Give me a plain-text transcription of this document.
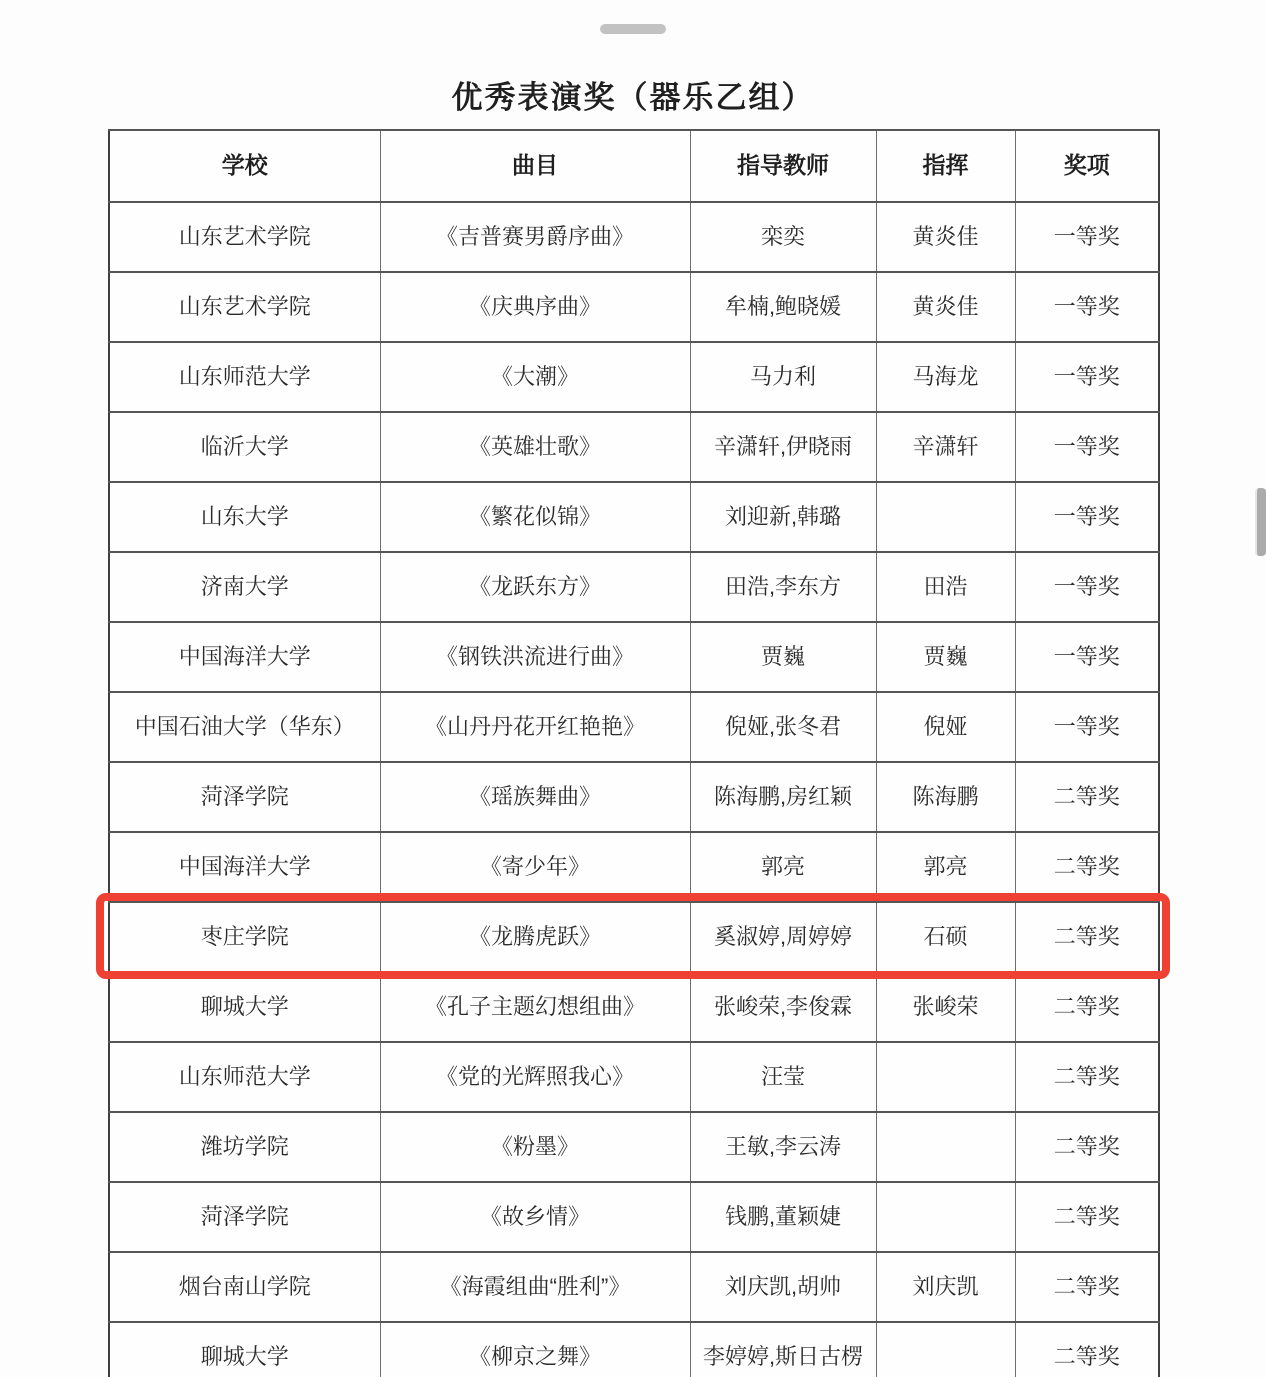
优秀表演奖（器乐乙组）
学校	曲目	指导教师	指挥	奖项
山东艺术学院	《吉普赛男爵序曲》	栾奕	黄炎佳	一等奖
山东艺术学院	《庆典序曲》	牟楠,鲍晓媛	黄炎佳	一等奖
山东师范大学	《大潮》	马力利	马海龙	一等奖
临沂大学	《英雄壮歌》	辛潇轩,伊晓雨	辛潇轩	一等奖
山东大学	《繁花似锦》	刘迎新,韩璐		一等奖
济南大学	《龙跃东方》	田浩,李东方	田浩	一等奖
中国海洋大学	《钢铁洪流进行曲》	贾巍	贾巍	一等奖
中国石油大学（华东）	《山丹丹花开红艳艳》	倪娅,张冬君	倪娅	一等奖
菏泽学院	《瑶族舞曲》	陈海鹏,房红颖	陈海鹏	二等奖
中国海洋大学	《寄少年》	郭亮	郭亮	二等奖
枣庄学院	《龙腾虎跃》	奚淑婷,周婷婷	石硕	二等奖
聊城大学	《孔子主题幻想组曲》	张峻荣,李俊霖	张峻荣	二等奖
山东师范大学	《党的光辉照我心》	汪莹		二等奖
潍坊学院	《粉墨》	王敏,李云涛		二等奖
菏泽学院	《故乡情》	钱鹏,董颖婕		二等奖
烟台南山学院	《海霞组曲“胜利”》	刘庆凯,胡帅	刘庆凯	二等奖
聊城大学	《柳京之舞》	李婷婷,斯日古楞		二等奖
